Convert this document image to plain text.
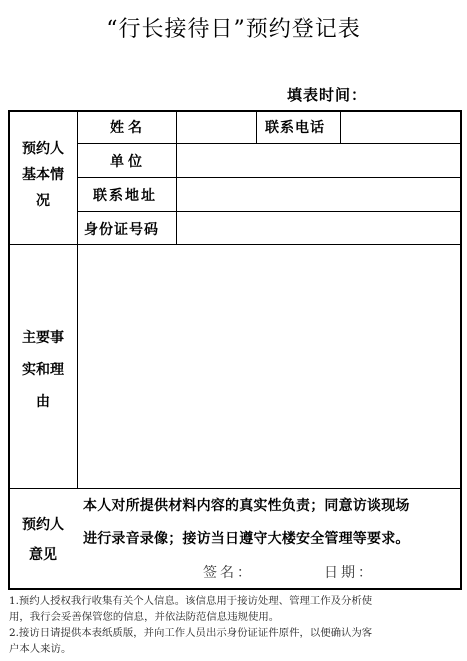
“行长接待日”预约登记表
填表时间：
预约人
基本情
况
姓名	联系电话
单位
联系地址
身份证号码
主要事
实和理
由
预约人
意见
本人对所提供材料内容的真实性负责；同意访谈现场
进行录音录像；接访当日遵守大楼安全管理等要求。
签名：	日期：
1.预约人授权我行收集有关个人信息。该信息用于接访处理、管理工作及分析使
用，我行会妥善保管您的信息，并依法防范信息违规使用。
2.接访日请提供本表纸质版，并向工作人员出示身份证证件原件，以便确认为客
户本人来访。
